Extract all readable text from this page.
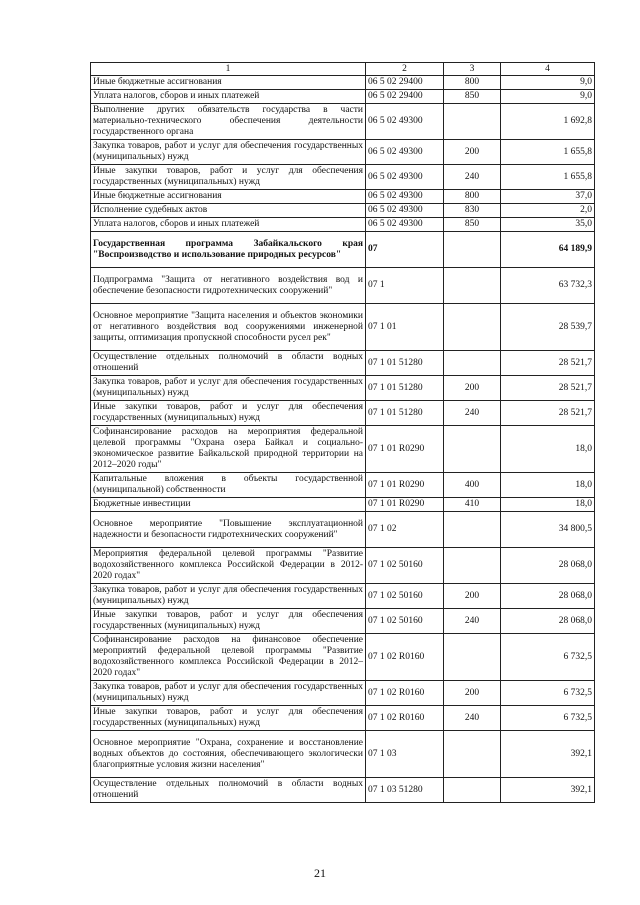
1	2	3	4
Иные бюджетные ассигнования	06 5 02 29400	800	9,0
Уплата налогов, сборов и иных платежей	06 5 02 29400	850	9,0
Выполнение других обязательств государства в части материально-технического обеспечения деятельности государственного органа	06 5 02 49300		1 692,8
Закупка товаров, работ и услуг для обеспечения государственных (муниципальных) нужд	06 5 02 49300	200	1 655,8
Иные закупки товаров, работ и услуг для обеспечения государственных (муниципальных) нужд	06 5 02 49300	240	1 655,8
Иные бюджетные ассигнования	06 5 02 49300	800	37,0
Исполнение судебных актов	06 5 02 49300	830	2,0
Уплата налогов, сборов и иных платежей	06 5 02 49300	850	35,0
Государственная программа Забайкальского края "Воспроизводство и использование природных ресурсов"	07		64 189,9
Подпрограмма "Защита от негативного воздействия вод и обеспечение безопасности гидротехнических сооружений"	07 1		63 732,3
Основное мероприятие "Защита населения и объектов экономики от негативного воздействия вод сооружениями инженерной защиты, оптимизация пропускной способности русел рек"	07 1 01		28 539,7
Осуществление отдельных полномочий в области водных отношений	07 1 01 51280		28 521,7
Закупка товаров, работ и услуг для обеспечения государственных (муниципальных) нужд	07 1 01 51280	200	28 521,7
Иные закупки товаров, работ и услуг для обеспечения государственных (муниципальных) нужд	07 1 01 51280	240	28 521,7
Софинансирование расходов на мероприятия федеральной целевой программы "Охрана озера Байкал и социально-экономическое развитие Байкальской природной территории на 2012–2020 годы"	07 1 01 R0290		18,0
Капитальные вложения в объекты государственной (муниципальной) собственности	07 1 01 R0290	400	18,0
Бюджетные инвестиции	07 1 01 R0290	410	18,0
Основное мероприятие "Повышение эксплуатационной надежности и безопасности гидротехнических сооружений"	07 1 02		34 800,5
Мероприятия федеральной целевой программы "Развитие водохозяйственного комплекса Российской Федерации в 2012-2020 годах"	07 1 02 50160		28 068,0
Закупка товаров, работ и услуг для обеспечения государственных (муниципальных) нужд	07 1 02 50160	200	28 068,0
Иные закупки товаров, работ и услуг для обеспечения государственных (муниципальных) нужд	07 1 02 50160	240	28 068,0
Софинансирование расходов на финансовое обеспечение мероприятий федеральной целевой программы "Развитие водохозяйственного комплекса Российской Федерации в 2012–2020 годах"	07 1 02 R0160		6 732,5
Закупка товаров, работ и услуг для обеспечения государственных (муниципальных) нужд	07 1 02 R0160	200	6 732,5
Иные закупки товаров, работ и услуг для обеспечения государственных (муниципальных) нужд	07 1 02 R0160	240	6 732,5
Основное мероприятие "Охрана, сохранение и восстановление водных объектов до состояния, обеспечивающего экологически благоприятные условия жизни населения"	07 1 03		392,1
Осуществление отдельных полномочий в области водных отношений	07 1 03 51280		392,1
21
